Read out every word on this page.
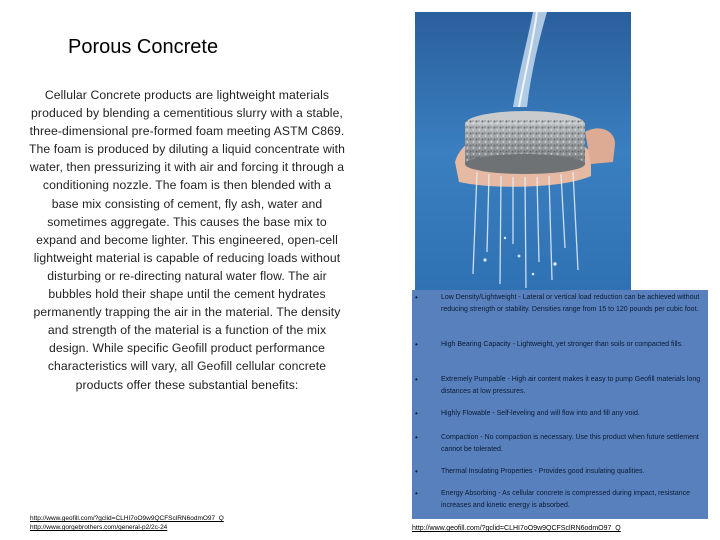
Porous Concrete
Cellular Concrete products are lightweight materials produced by blending a cementitious slurry with a stable, three-dimensional pre-formed foam meeting ASTM C869. The foam is produced by diluting a liquid concentrate with water, then pressurizing it with air and forcing it through a conditioning nozzle. The foam is then blended with a base mix consisting of cement, fly ash, water and sometimes aggregate. This causes the base mix to expand and become lighter. This engineered, open-cell lightweight material is capable of reducing loads without disturbing or re-directing natural water flow. The air bubbles hold their shape until the cement hydrates permanently trapping the air in the material. The density and strength of the material is a function of the mix design. While specific Geofill product performance characteristics will vary, all Geofill cellular concrete products offer these substantial benefits:
•	Low Density/Lightweight - Lateral or vertical load reduction can be achieved without reducing strength or stability. Densities range from 15 to 120 pounds per cubic foot.
•	High Bearing Capacity - Lightweight, yet stronger than soils or compacted fills.
•	Extremely Pumpable - High air content makes it easy to pump Geofill materials long distances at low pressures.
•	Highly Flowable - Self-leveling and will flow into and fill any void.
•	Compaction - No compaction is necessary. Use this product when future settlement cannot be tolerated.
•	Thermal Insulating Properties - Provides good insulating qualities.
•	Energy Absorbing - As cellular concrete is compressed during impact, resistance increases and kinetic energy is absorbed.
http://www.geofill.com/?gclid=CLHI7oO9w9QCFSclRN6odmO97_Q
http://www.gorgebrothers.com/general-p2/2c-24	http://www.geofill.com/?gclid=CLHI7oO9w9QCFSclRN6odmO97_Q
